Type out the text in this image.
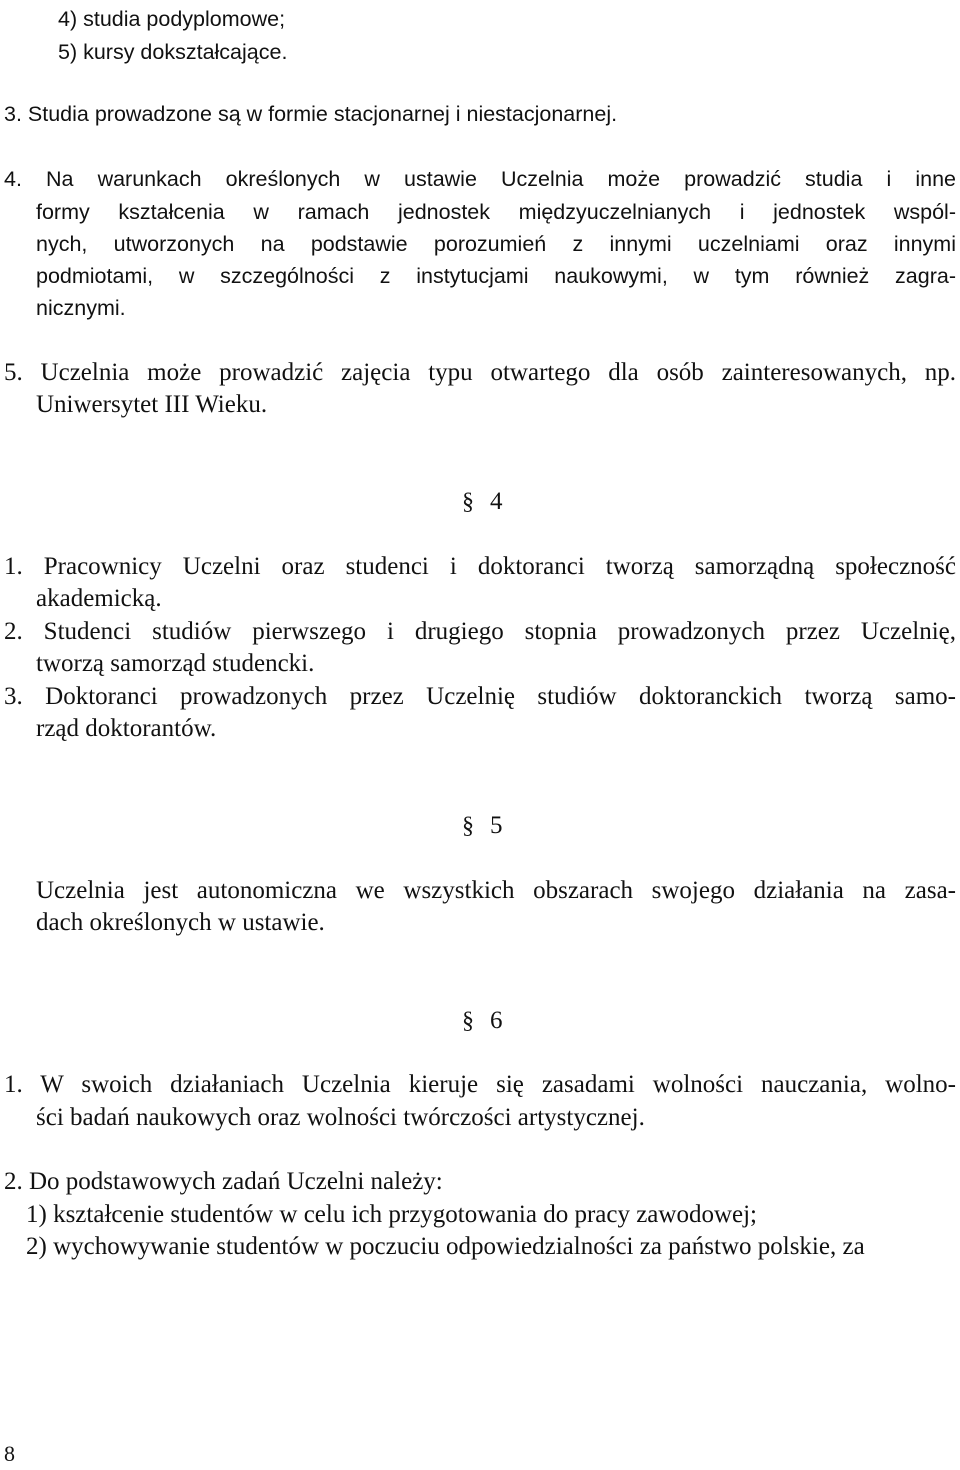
4) studia podyplomowe;
5) kursy dokształcające.
3. Studia prowadzone są w formie stacjonarnej i niestacjonarnej.
4. Na warunkach określonych w ustawie Uczelnia może prowadzić studia i inne
formy kształcenia w ramach jednostek międzyuczelnianych i jednostek wspól-
nych, utworzonych na podstawie porozumień z innymi uczelniami oraz innymi
podmiotami, w szczególności z instytucjami naukowymi, w tym również zagra-
nicznymi.
5. Uczelnia może prowadzić zajęcia typu otwartego dla osób zainteresowanych, np.
Uniwersytet III Wieku.
§ 4
1. Pracownicy Uczelni oraz studenci i doktoranci tworzą samorządną społeczność
akademicką.
2. Studenci studiów pierwszego i drugiego stopnia prowadzonych przez Uczelnię,
tworzą samorząd studencki.
3. Doktoranci prowadzonych przez Uczelnię studiów doktoranckich tworzą samo-
rząd doktorantów.
§ 5
Uczelnia jest autonomiczna we wszystkich obszarach swojego działania na zasa-
dach określonych w ustawie.
§ 6
1. W swoich działaniach Uczelnia kieruje się zasadami wolności nauczania, wolno-
ści badań naukowych oraz wolności twórczości artystycznej.
2. Do podstawowych zadań Uczelni należy:
1) kształcenie studentów w celu ich przygotowania do pracy zawodowej;
2) wychowywanie studentów w poczuciu odpowiedzialności za państwo polskie, za
8
